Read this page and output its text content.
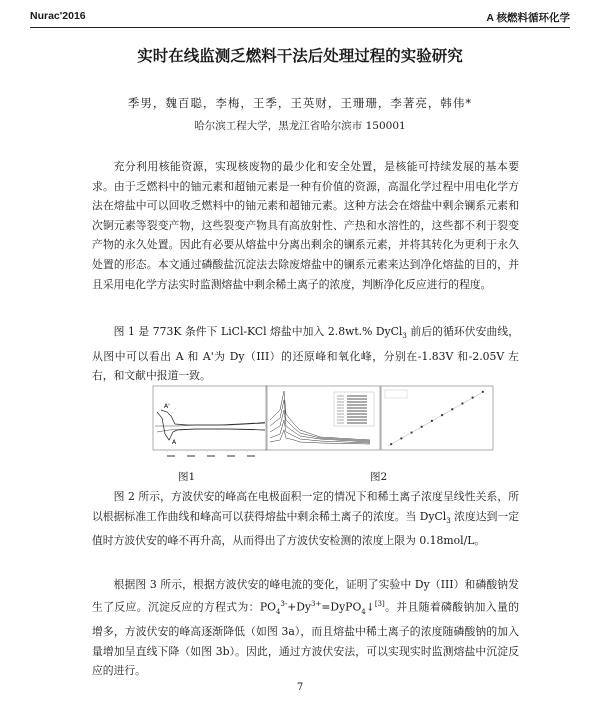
Nurac'2016	A 核燃料循环化学
实时在线监测乏燃料干法后处理过程的实验研究
季男，魏百聪，李梅，王季，王英财，王珊珊，李著亮，韩伟*
哈尔滨工程大学，黑龙江省哈尔滨市 150001

充分利用核能资源，实现核废物的最少化和安全处置，是核能可持续发展的基本要求。由于乏燃料中的铀元素和超铀元素是一种有价值的资源，高温化学过程中用电化学方法在熔盐中可以回收乏燃料中的铀元素和超铀元素。这种方法会在熔盐中剩余镧系元素和次锕元素等裂变产物，这些裂变产物具有高放射性、产热和水溶性的，这些都不利于裂变产物的永久处置。因此有必要从熔盐中分离出剩余的镧系元素，并将其转化为更利于永久处置的形态。本文通过磷酸盐沉淀法去除废熔盐中的镧系元素来达到净化熔盐的目的，并且采用电化学方法实时监测熔盐中剩余稀土离子的浓度，判断净化反应进行的程度。

图 1 是 773K 条件下 LiCl-KCl 熔盐中加入 2.8wt.% DyCl$_3$ 前后的循环伏安曲线，从图中可以看出 A 和 A'为 Dy（III）的还原峰和氧化峰，分别在-1.83V 和-2.05V 左右，和文献中报道一致。

A'
A
图1	图2

图 2 所示，方波伏安的峰高在电极面积一定的情况下和稀土离子浓度呈线性关系，所以根据标准工作曲线和峰高可以获得熔盐中剩余稀土离子的浓度。当 DyCl$_3$ 浓度达到一定值时方波伏安的峰不再升高，从而得出了方波伏安检测的浓度上限为 0.18mol/L。

根据图 3 所示，根据方波伏安的峰电流的变化，证明了实验中 Dy（III）和磷酸钠发生了反应。沉淀反应的方程式为：$PO_4^{3-}+Dy^{3+}=DyPO_4↓[3]$。并且随着磷酸钠加入量的增多，方波伏安的峰高逐渐降低（如图 3a），而且熔盐中稀土离子的浓度随磷酸钠的加入量增加呈直线下降（如图 3b）。因此，通过方波伏安法，可以实现实时监测熔盐中沉淀反应的进行。

7
